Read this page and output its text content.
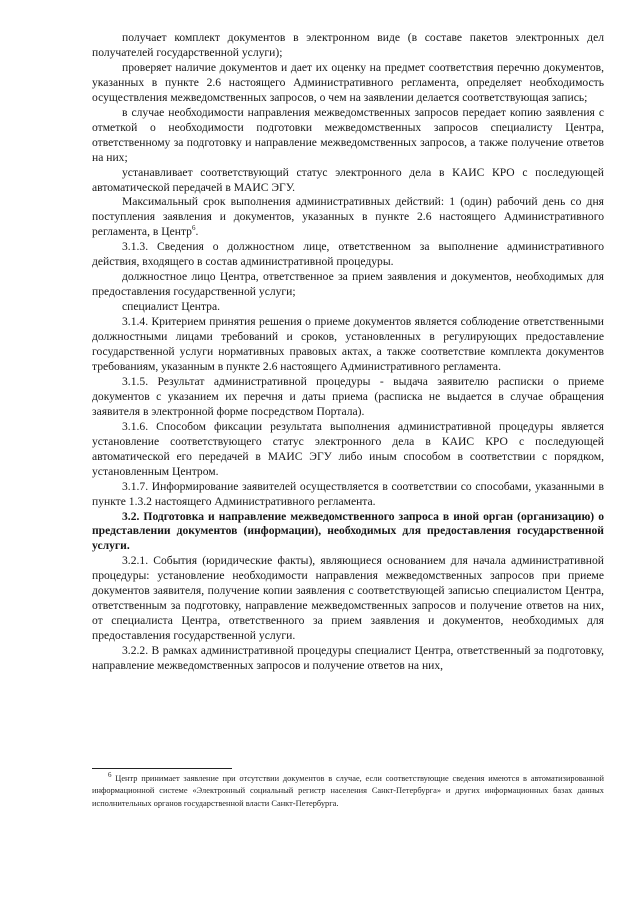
получает комплект документов в электронном виде (в составе пакетов электронных дел получателей государственной услуги);

проверяет наличие документов и дает их оценку на предмет соответствия перечню документов, указанных в пункте 2.6 настоящего Административного регламента, определяет необходимость осуществления межведомственных запросов, о чем на заявлении делается соответствующая запись;

в случае необходимости направления межведомственных запросов передает копию заявления с отметкой о необходимости подготовки межведомственных запросов специалисту Центра, ответственному за подготовку и направление межведомственных запросов, а также получение ответов на них;

устанавливает соответствующий статус электронного дела в КАИС КРО с последующей автоматической передачей в МАИС ЭГУ.

Максимальный срок выполнения административных действий: 1 (один) рабочий день со дня поступления заявления и документов, указанных в пункте 2.6 настоящего Административного регламента, в Центр$^6$.

3.1.3. Сведения о должностном лице, ответственном за выполнение административного действия, входящего в состав административной процедуры.

должностное лицо Центра, ответственное за прием заявления и документов, необходимых для предоставления государственной услуги;

специалист Центра.

3.1.4. Критерием принятия решения о приеме документов является соблюдение ответственными должностными лицами требований и сроков, установленных в регулирующих предоставление государственной услуги нормативных правовых актах, а также соответствие комплекта документов требованиям, указанным в пункте 2.6 настоящего Административного регламента.

3.1.5. Результат административной процедуры - выдача заявителю расписки о приеме документов с указанием их перечня и даты приема (расписка не выдается в случае обращения заявителя в электронной форме посредством Портала).

3.1.6. Способом фиксации результата выполнения административной процедуры является установление соответствующего статус электронного дела в КАИС КРО с последующей автоматической его передачей в МАИС ЭГУ либо иным способом в соответствии с порядком, установленным Центром.

3.1.7. Информирование заявителей осуществляется в соответствии со способами, указанными в пункте 1.3.2 настоящего Административного регламента.

3.2. Подготовка и направление межведомственного запроса в иной орган (организацию) о представлении документов (информации), необходимых для предоставления государственной услуги.

3.2.1. События (юридические факты), являющиеся основанием для начала административной процедуры: установление необходимости направления межведомственных запросов при приеме документов заявителя, получение копии заявления с соответствующей записью специалистом Центра, ответственным за подготовку, направление межведомственных запросов и получение ответов на них, от специалиста Центра, ответственного за прием заявления и документов, необходимых для предоставления государственной услуги.

3.2.2. В рамках административной процедуры специалист Центра, ответственный за подготовку, направление межведомственных запросов и получение ответов на них,

$^6$ Центр принимает заявление при отсутствии документов в случае, если соответствующие сведения имеются в автоматизированной информационной системе «Электронный социальный регистр населения Санкт-Петербурга» и других информационных базах данных исполнительных органов государственной власти Санкт-Петербурга.
